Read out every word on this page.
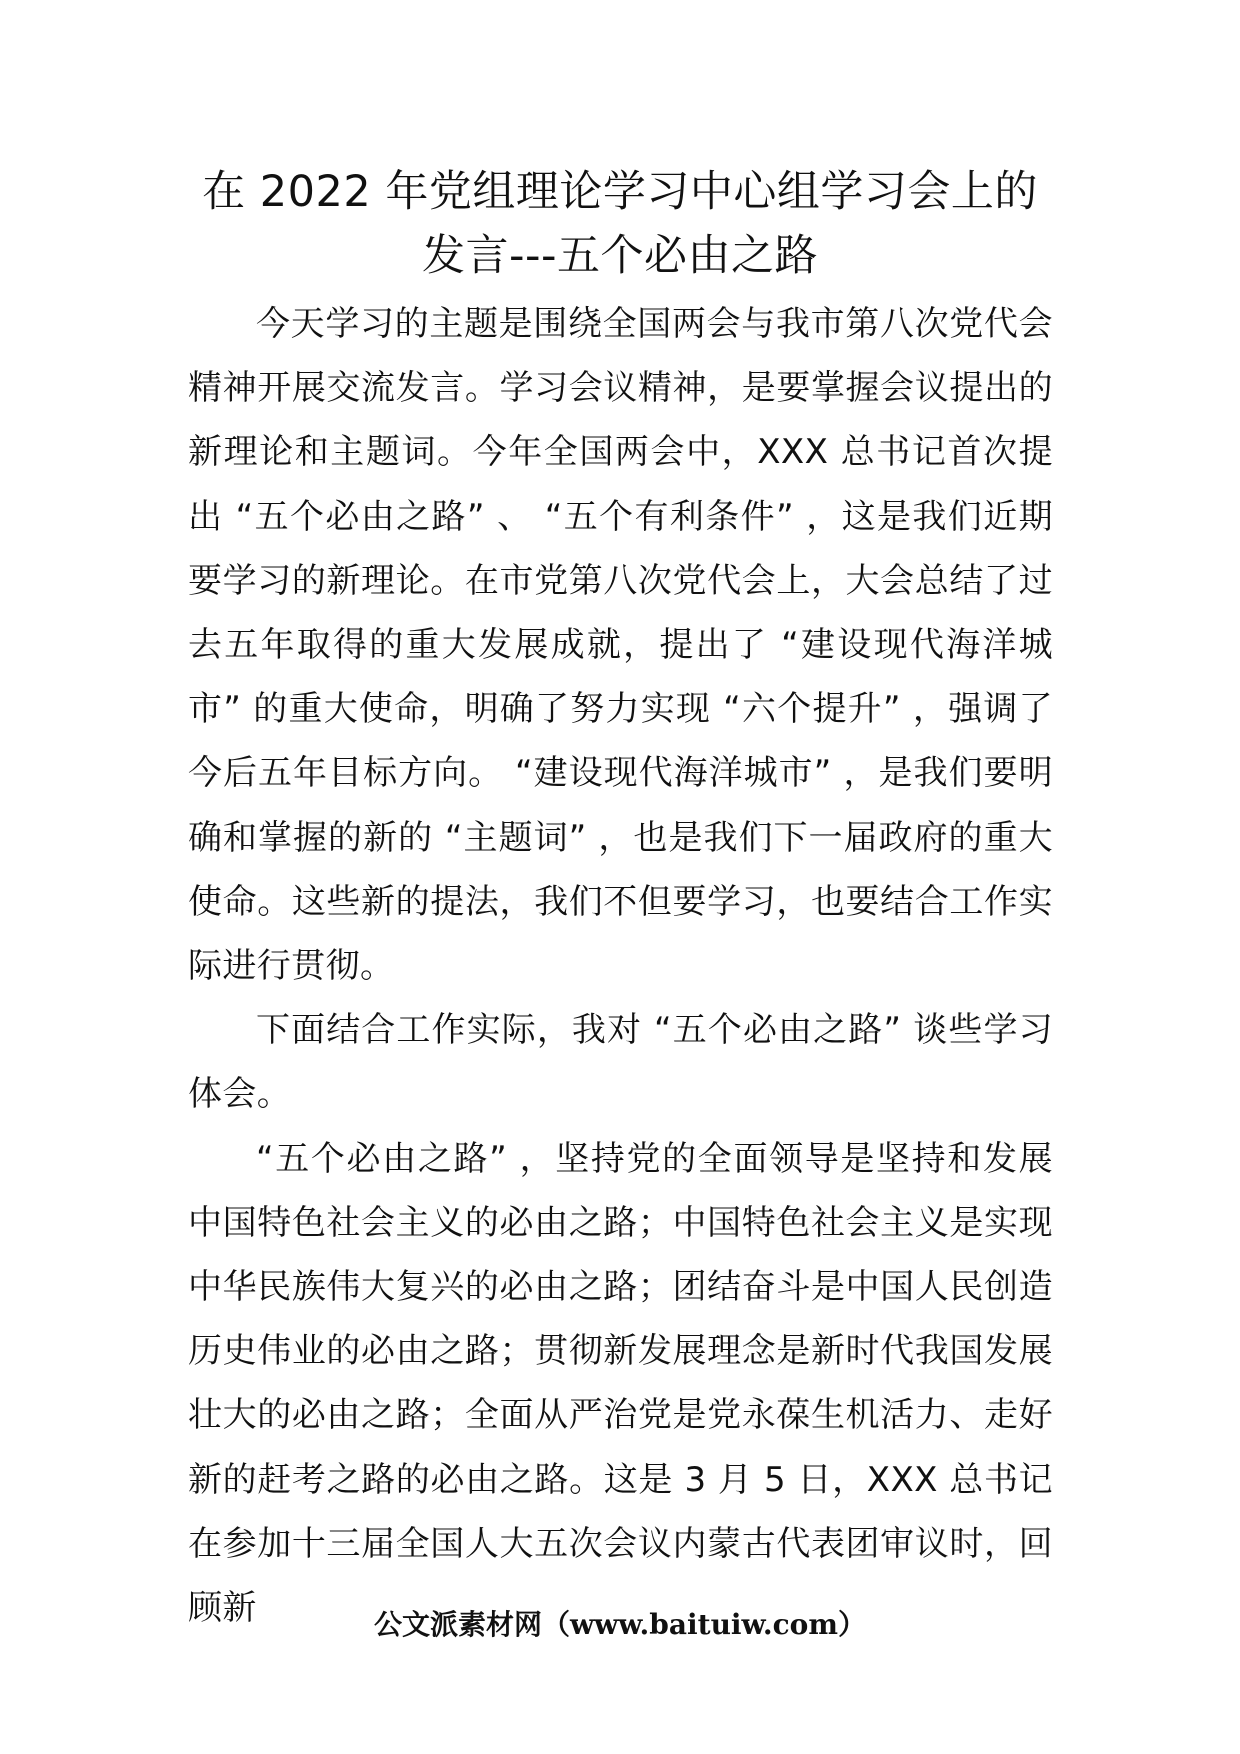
在 2022 年党组理论学习中心组学习会上的
发言---五个必由之路

今天学习的主题是围绕全国两会与我市第八次党代会精神开展交流发言。学习会议精神，是要掌握会议提出的新理论和主题词。今年全国两会中，XXX 总书记首次提出 “五个必由之路” 、 “五个有利条件” ，这是我们近期要学习的新理论。在市党第八次党代会上，大会总结了过去五年取得的重大发展成就，提出了 “建设现代海洋城市” 的重大使命，明确了努力实现 “六个提升” ，强调了今后五年目标方向。 “建设现代海洋城市” ，是我们要明确和掌握的新的 “主题词” ，也是我们下一届政府的重大使命。这些新的提法，我们不但要学习，也要结合工作实际进行贯彻。

下面结合工作实际，我对 “五个必由之路” 谈些学习体会。

“五个必由之路” ，坚持党的全面领导是坚持和发展中国特色社会主义的必由之路；中国特色社会主义是实现中华民族伟大复兴的必由之路；团结奋斗是中国人民创造历史伟业的必由之路；贯彻新发展理念是新时代我国发展壮大的必由之路；全面从严治党是党永葆生机活力、走好新的赶考之路的必由之路。这是 3 月 5 日，XXX 总书记在参加十三届全国人大五次会议内蒙古代表团审议时，回顾新	公文派素材网（www.baituiw.com）
